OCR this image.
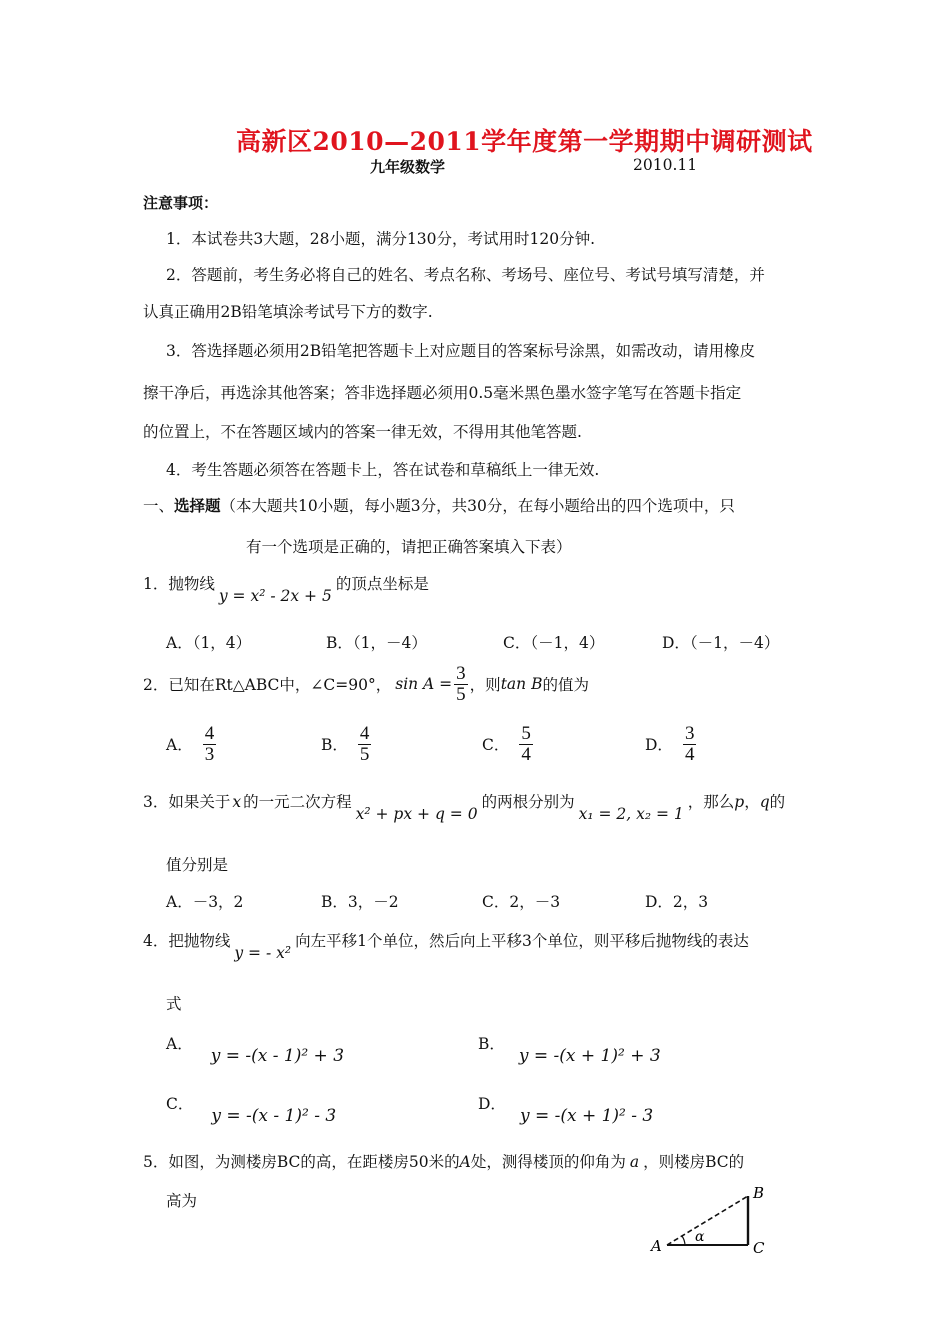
高新区2010—2011学年度第一学期期中调研测试
九年级数学	2010.11
注意事项：
1．本试卷共3大题，28小题，满分130分，考试用时120分钟.
2．答题前，考生务必将自己的姓名、考点名称、考场号、座位号、考试号填写清楚，并
认真正确用2B铅笔填涂考试号下方的数字.
3．答选择题必须用2B铅笔把答题卡上对应题目的答案标号涂黑，如需改动，请用橡皮
擦干净后，再选涂其他答案；答非选择题必须用0.5毫米黑色墨水签字笔写在答题卡指定
的位置上，不在答题区域内的答案一律无效，不得用其他笔答题.
4．考生答题必须答在答题卡上，答在试卷和草稿纸上一律无效.
一、选择题（本大题共10小题，每小题3分，共30分，在每小题给出的四个选项中，只
有一个选项是正确的，请把正确答案填入下表）
1．抛物线y = x² - 2x + 5的顶点坐标是
A．（1，4）	B．（1，－4）	C．（－1，4）	D．（－1，－4）
2．已知在Rt△ABC中，∠C=90°， $\sin A = \frac{3}{5}$ ，则 tan B 的值为
A． $\frac{4}{3}$	B． $\frac{4}{5}$	C． $\frac{5}{4}$	D． $\frac{3}{4}$
3．如果关于 x 的一元二次方程x² + px + q = 0的两根分别为x₁ = 2, x₂ = 1，那么p，q的
值分别是
A．－3，2	B．3，－2	C．2，－3	D．2，3
4．把抛物线y = - x²向左平移1个单位，然后向上平移3个单位，则平移后抛物线的表达
式
A．y = -(x - 1)² + 3
B．y = -(x + 1)² + 3
C．y = -(x - 1)² - 3
D．y = -(x + 1)² - 3
5．如图，为测楼房BC的高，在距楼房50米的A处，测得楼顶的仰角为 a ，则楼房BC的
高为
A
B
C
α
